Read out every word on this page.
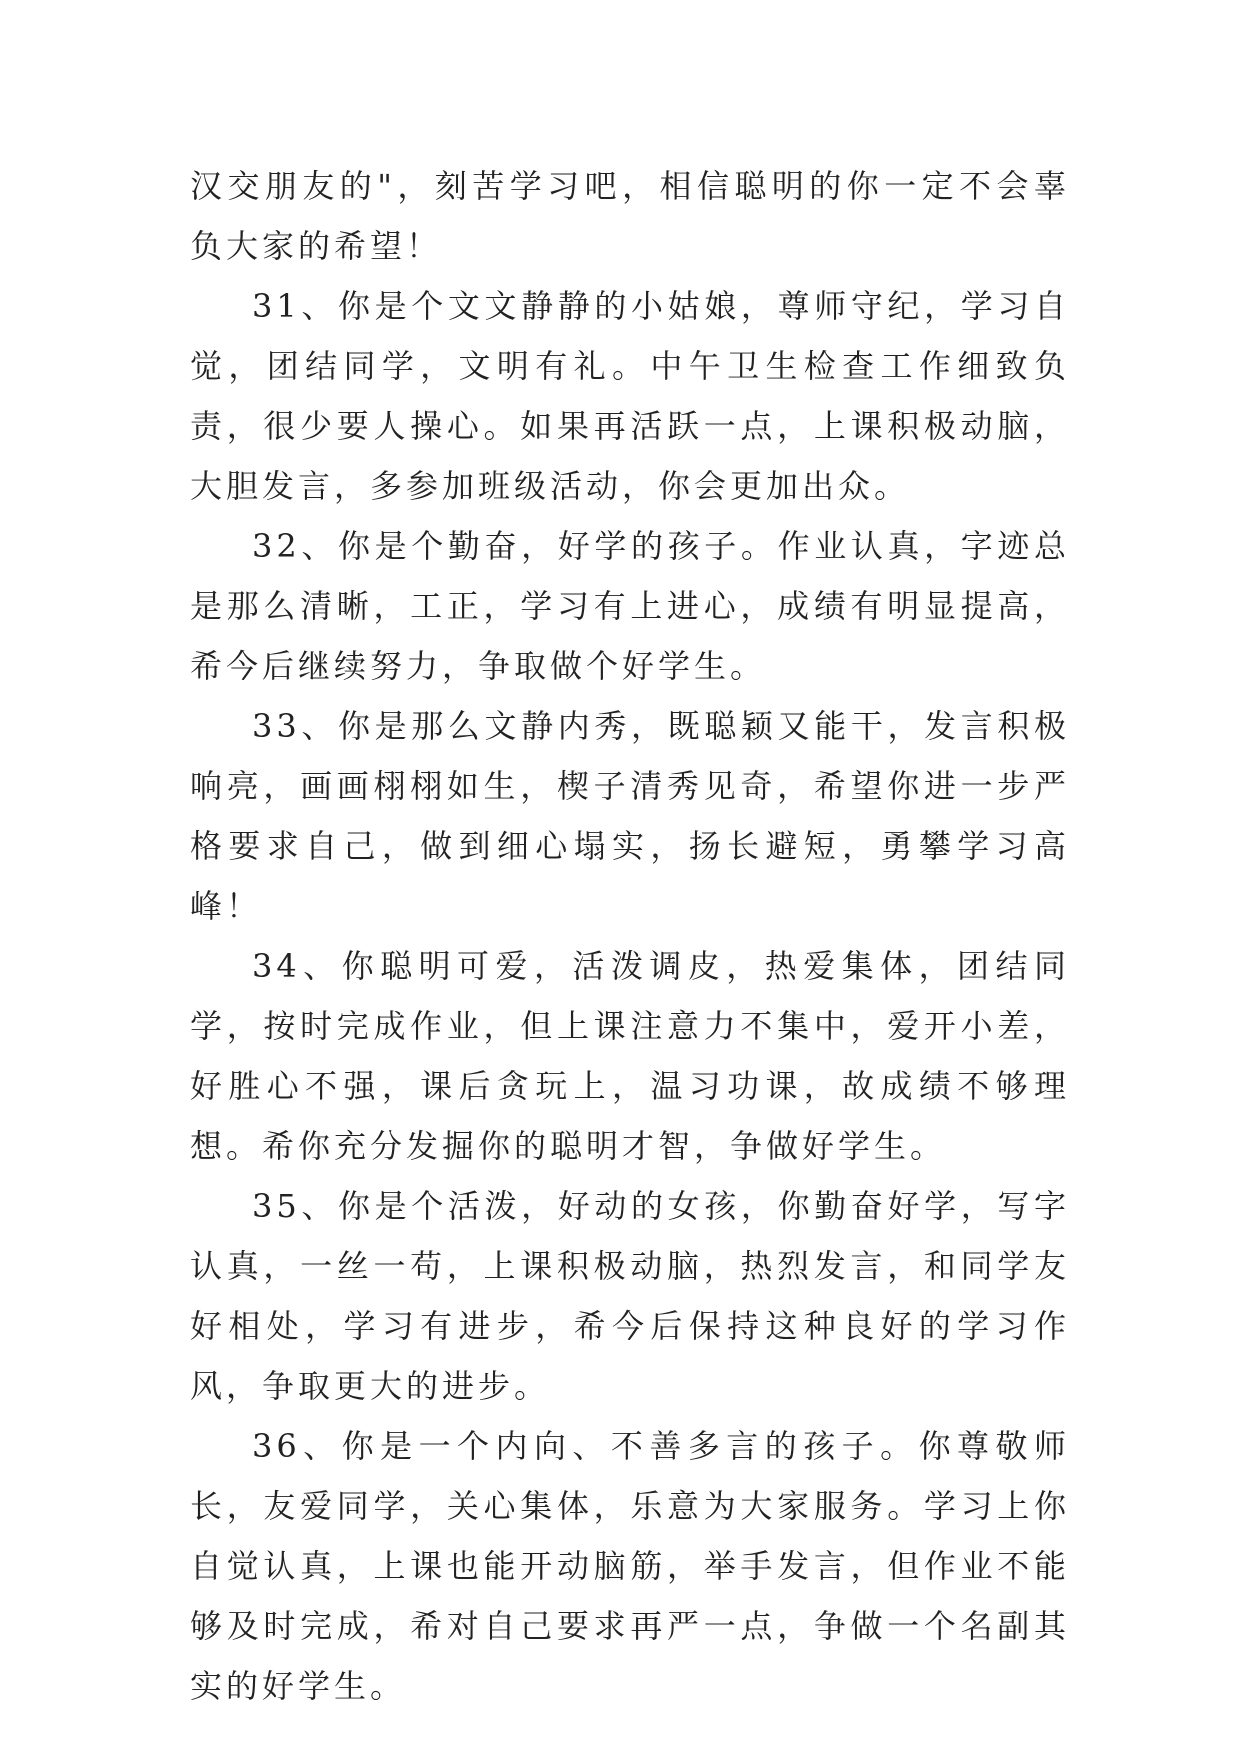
汉交朋友的"，刻苦学习吧，相信聪明的你一定不会辜负大家的希望！

31、你是个文文静静的小姑娘，尊师守纪，学习自觉，团结同学，文明有礼。中午卫生检查工作细致负责，很少要人操心。如果再活跃一点，上课积极动脑，大胆发言，多参加班级活动，你会更加出众。

32、你是个勤奋，好学的孩子。作业认真，字迹总是那么清晰，工正，学习有上进心，成绩有明显提高，希今后继续努力，争取做个好学生。

33、你是那么文静内秀，既聪颖又能干，发言积极响亮，画画栩栩如生，楔子清秀见奇，希望你进一步严格要求自己，做到细心塌实，扬长避短，勇攀学习高峰！

34、你聪明可爱，活泼调皮，热爱集体，团结同学，按时完成作业，但上课注意力不集中，爱开小差，好胜心不强，课后贪玩上，温习功课，故成绩不够理想。希你充分发掘你的聪明才智，争做好学生。

35、你是个活泼，好动的女孩，你勤奋好学，写字认真，一丝一苟，上课积极动脑，热烈发言，和同学友好相处，学习有进步，希今后保持这种良好的学习作风，争取更大的进步。

36、你是一个内向、不善多言的孩子。你尊敬师长，友爱同学，关心集体，乐意为大家服务。学习上你自觉认真，上课也能开动脑筋，举手发言，但作业不能够及时完成，希对自己要求再严一点，争做一个名副其实的好学生。
